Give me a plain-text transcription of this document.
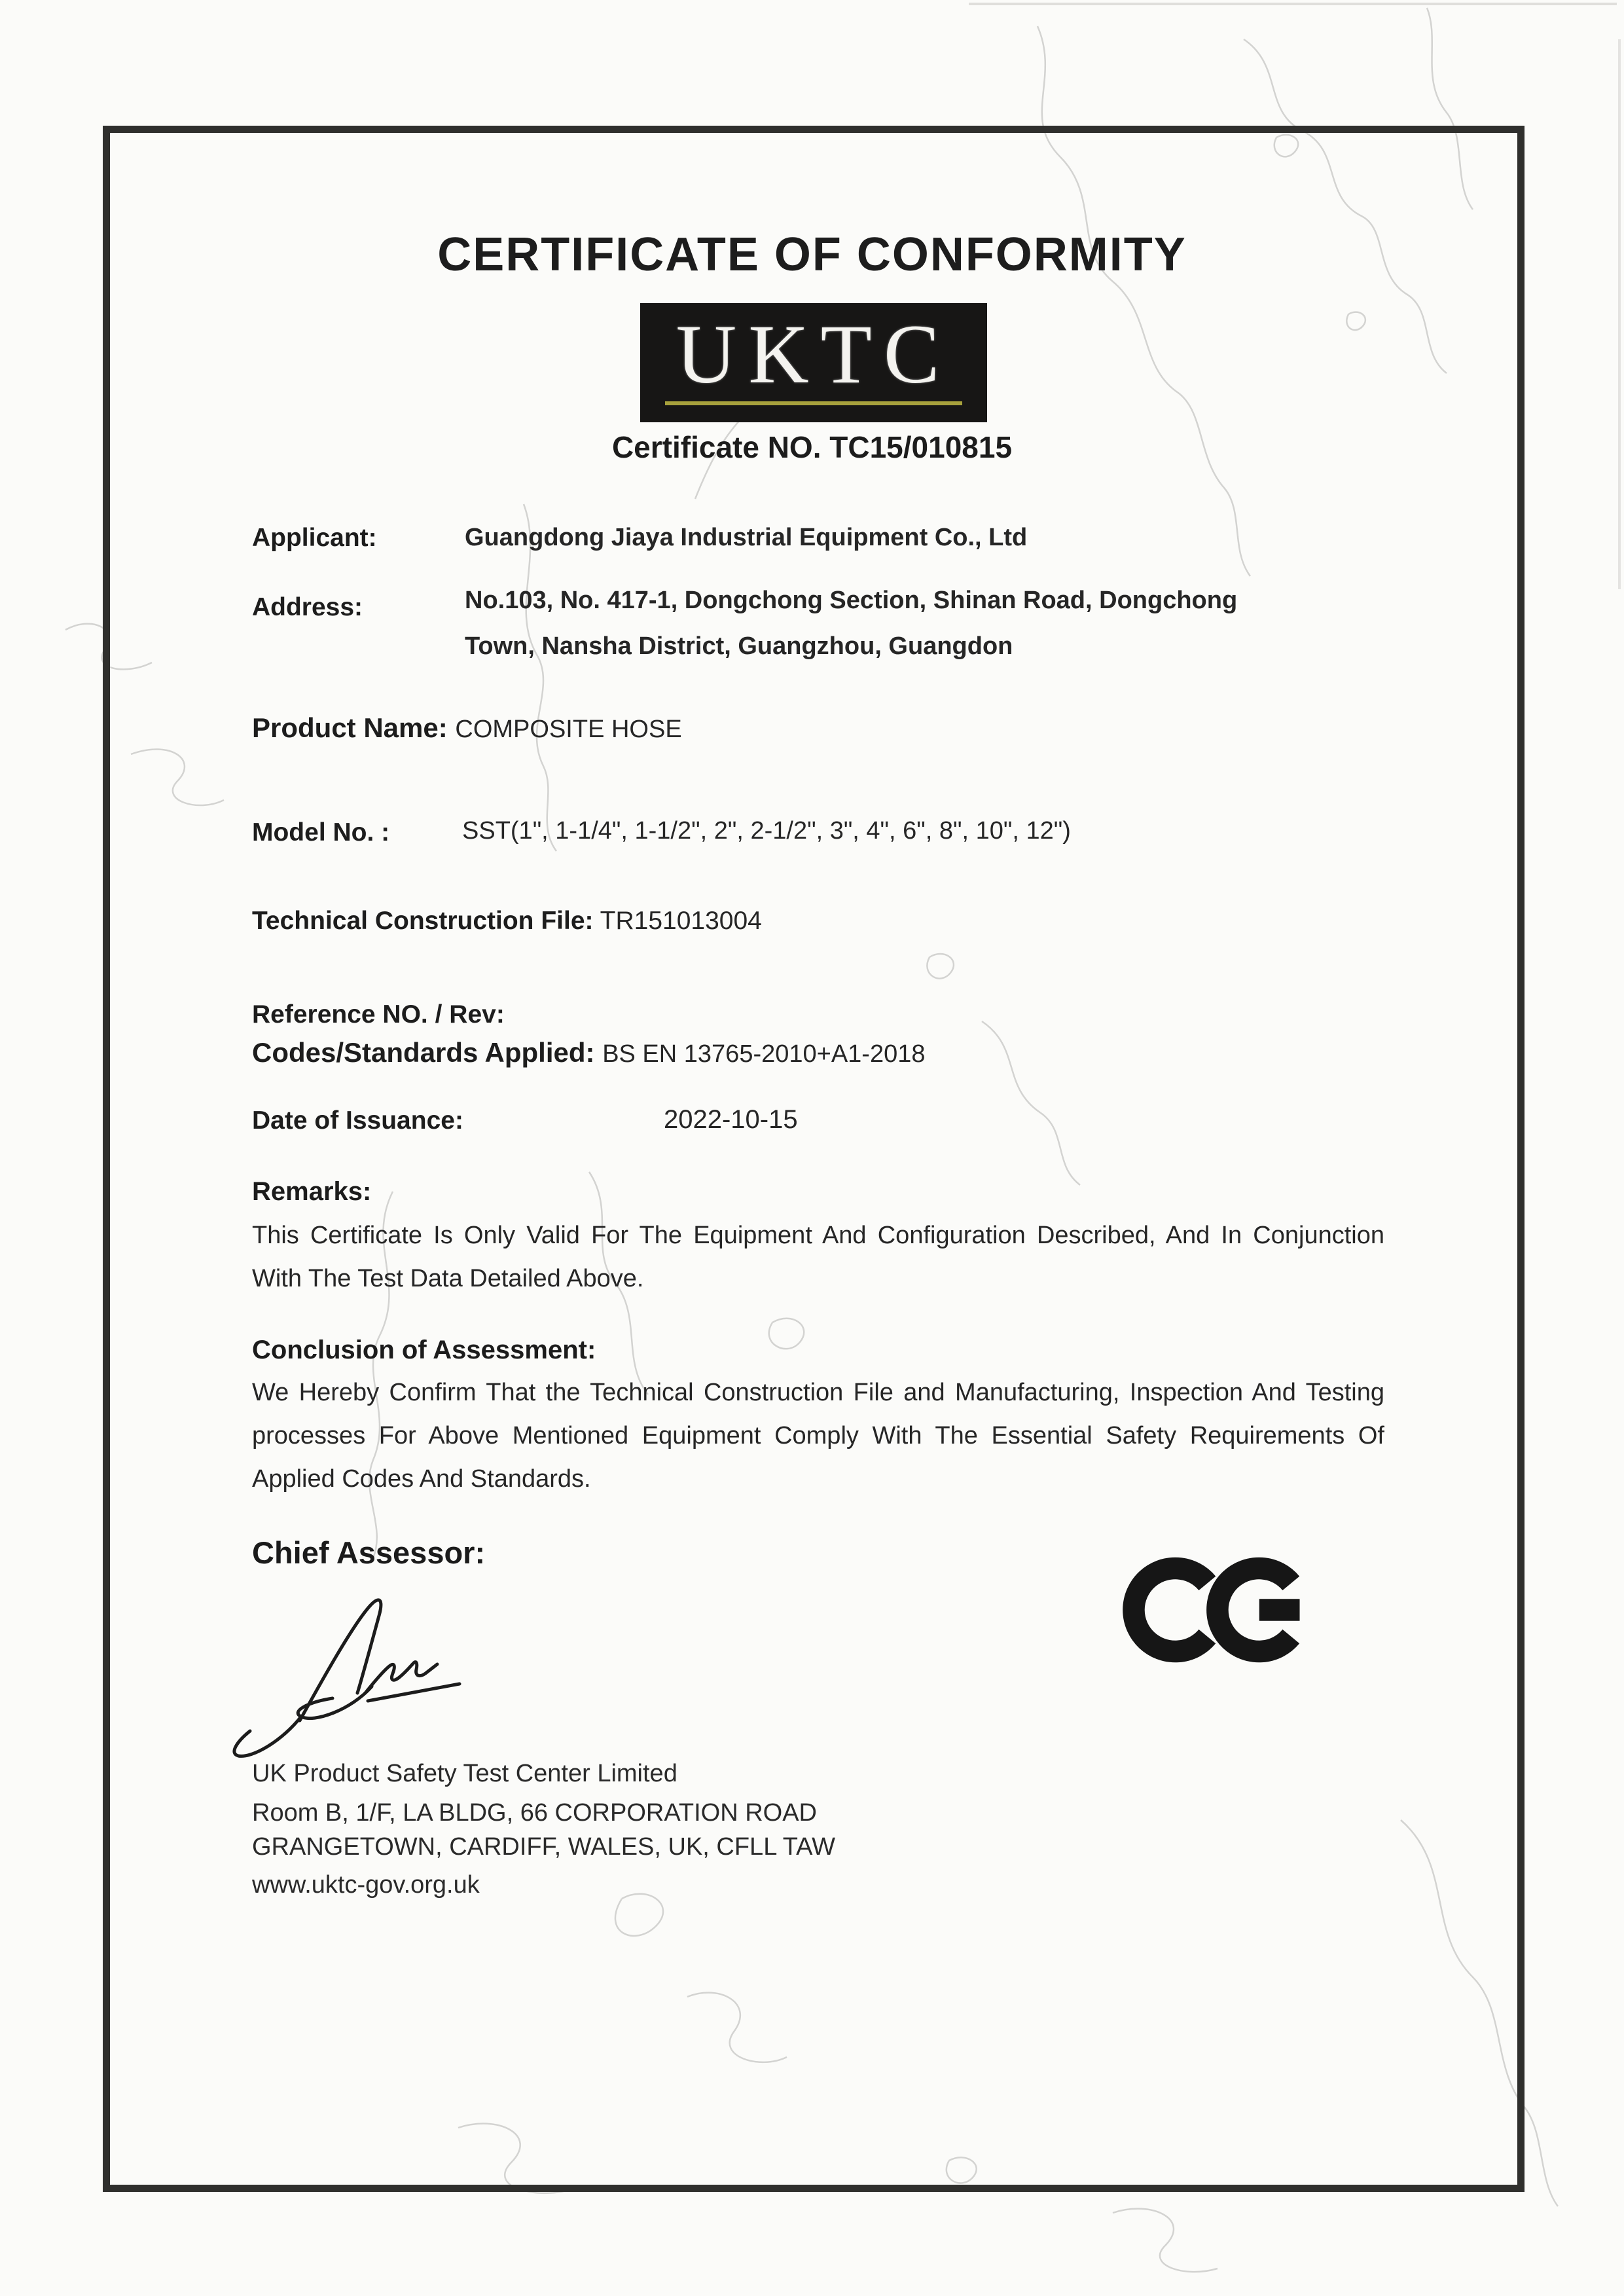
CERTIFICATE OF CONFORMITY
UKTC
Certificate NO. TC15/010815
Applicant:	Guangdong Jiaya Industrial Equipment Co., Ltd
Address:	No.103, No. 417-1, Dongchong Section, Shinan Road, Dongchong
Town, Nansha District, Guangzhou, Guangdon
Product Name: COMPOSITE HOSE
Model No. :	SST(1", 1-1/4", 1-1/2", 2", 2-1/2", 3", 4", 6", 8", 10", 12")
Technical Construction File: TR151013004
Reference NO. / Rev:
Codes/Standards Applied: BS EN 13765-2010+A1-2018
Date of Issuance:	2022-10-15
Remarks:
This Certificate Is Only Valid For The Equipment And Configuration Described, And In Conjunction With The Test Data Detailed Above.
Conclusion of Assessment:
We Hereby Confirm That the Technical Construction File and Manufacturing, Inspection And Testing processes For Above Mentioned Equipment Comply With The Essential Safety Requirements Of Applied Codes And Standards.
Chief Assessor:
UK Product Safety Test Center Limited
Room B, 1/F, LA BLDG, 66 CORPORATION ROAD
GRANGETOWN, CARDIFF, WALES, UK, CFLL TAW
www.uktc-gov.org.uk
